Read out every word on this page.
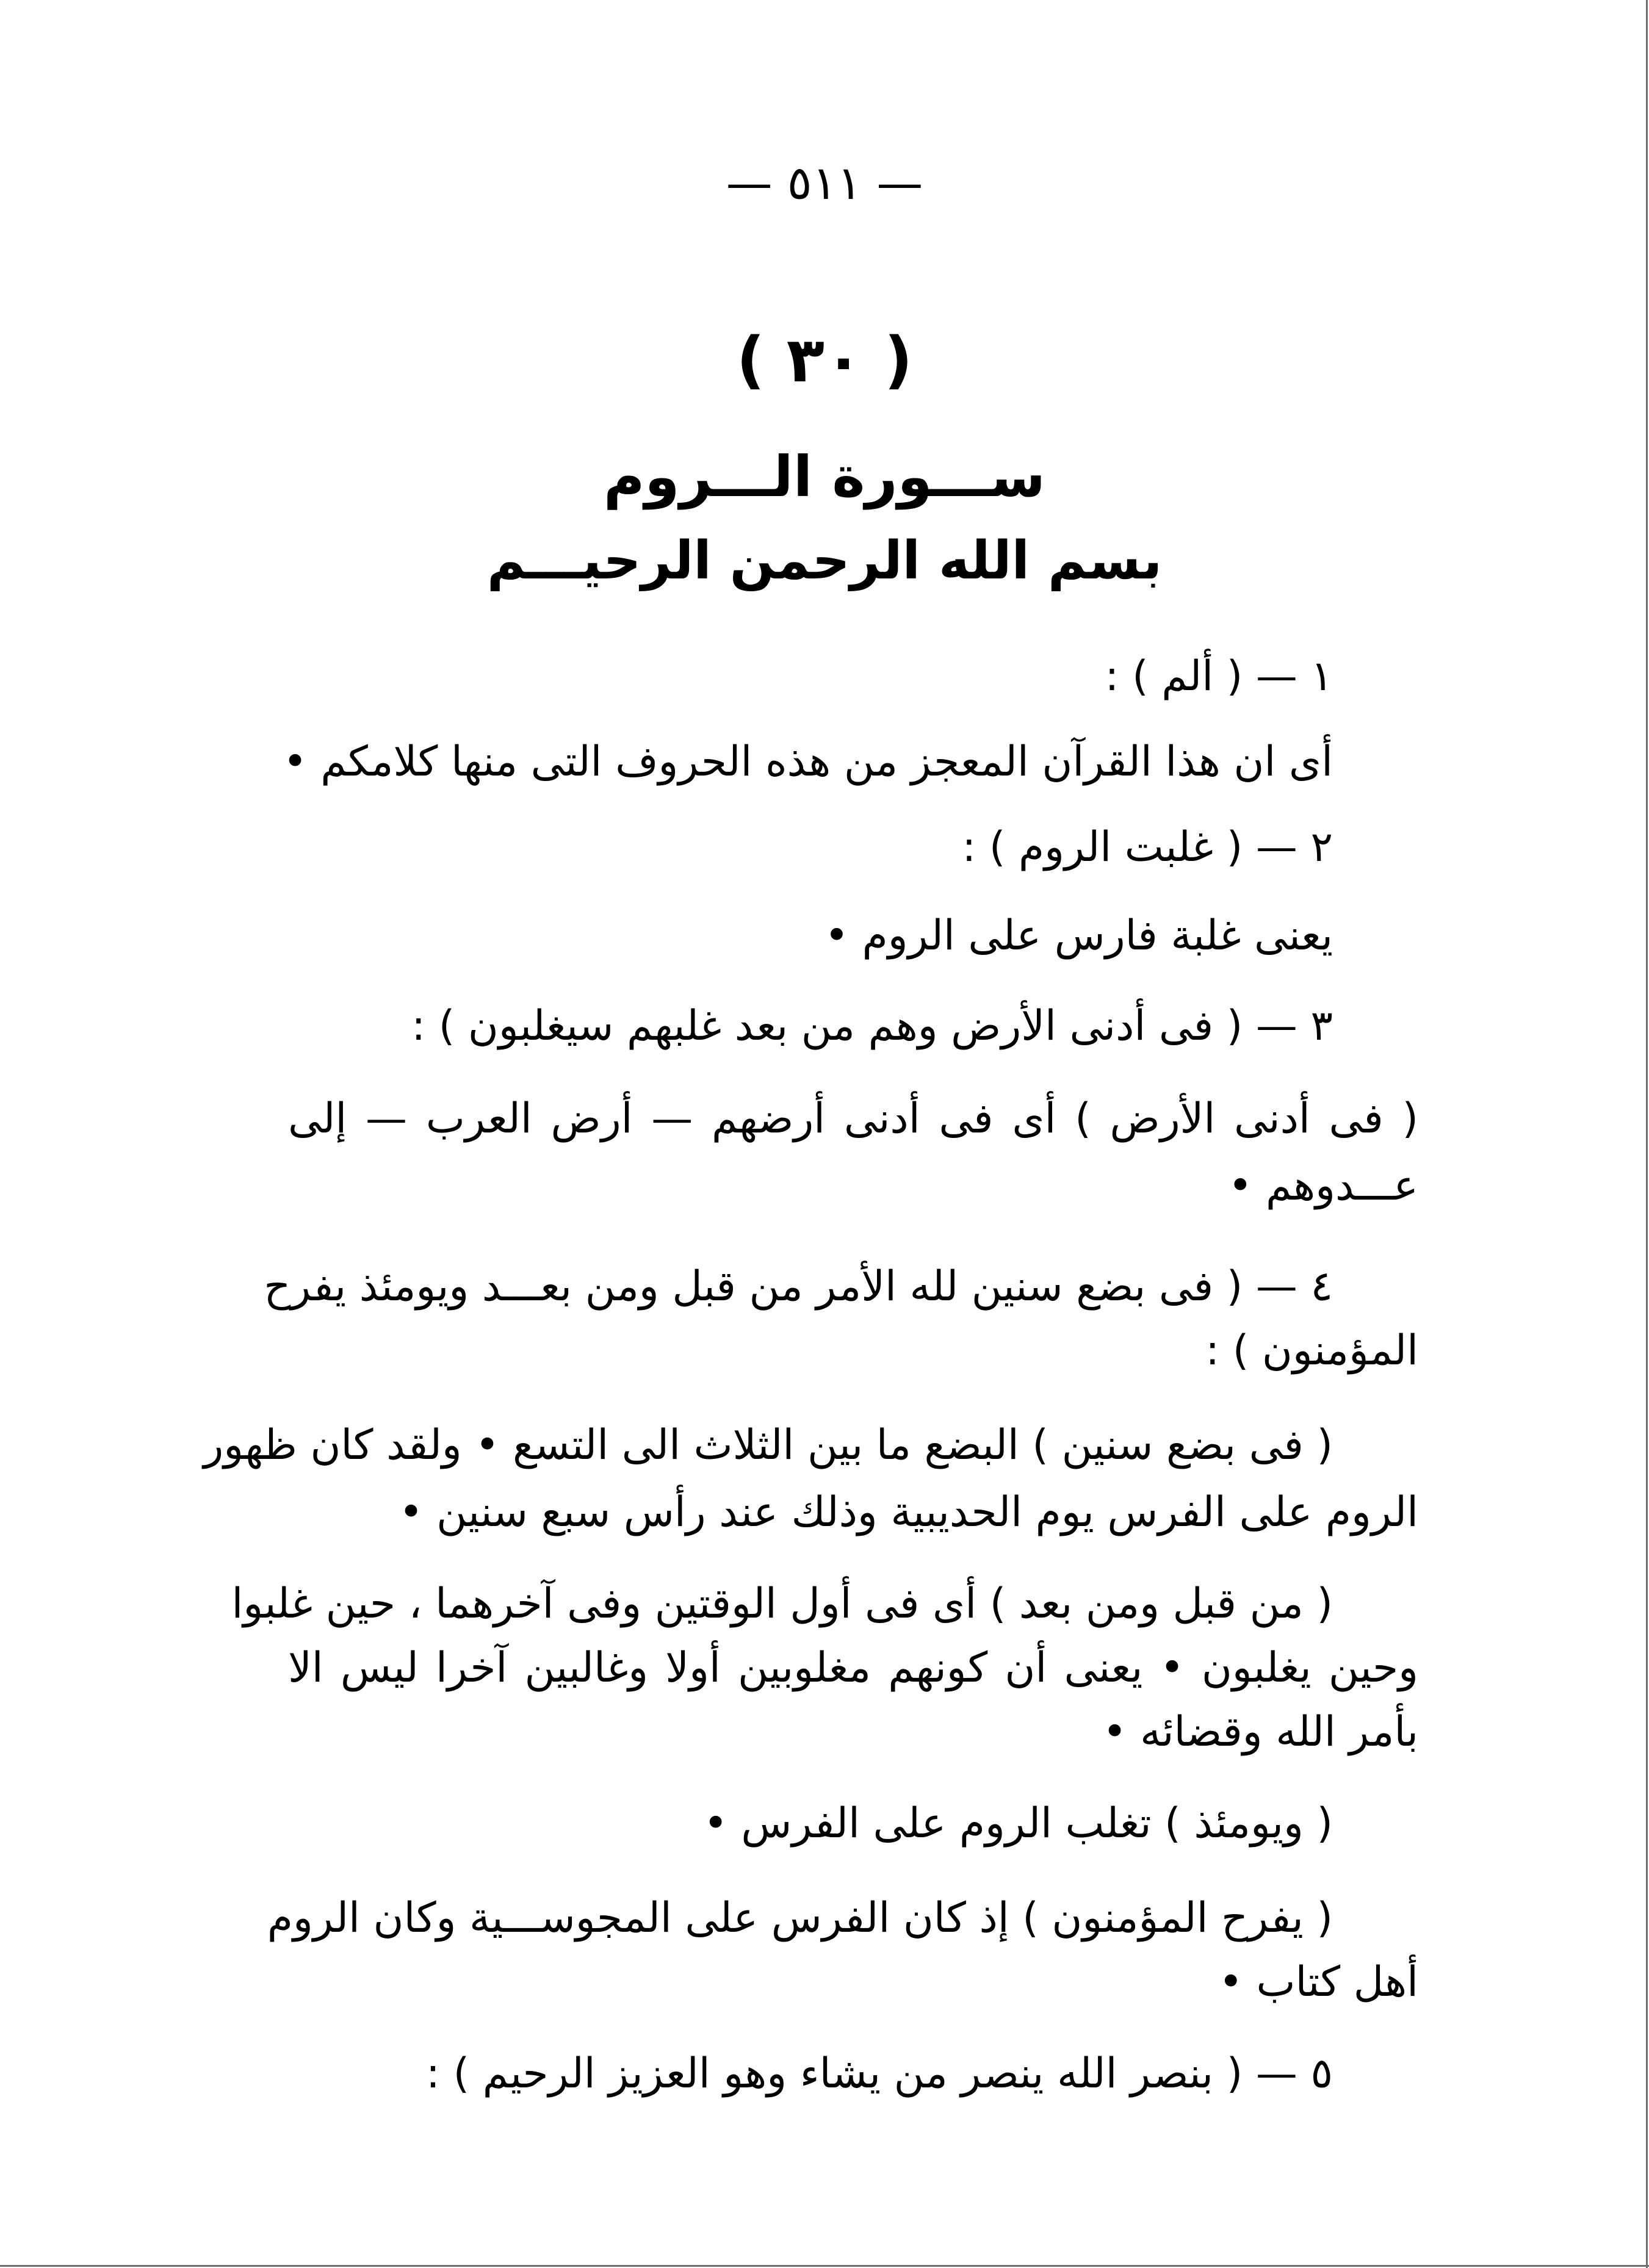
— ٥١١ —
( ٣٠ )
ســـورة الـــروم
بسم الله الرحمن الرحيـــم
١ — ( ألم ) :
أى ان هذا القرآن المعجز من هذه الحروف التى منها كلامكم •
٢ — ( غلبت الروم ) :
يعنى غلبة فارس على الروم •
٣ — ( فى أدنى الأرض وهم من بعد غلبهم سيغلبون ) :
( فى أدنى الأرض ) أى فى أدنى أرضهم — أرض العرب — إلى
عـــدوهم •
٤ — ( فى بضع سنين لله الأمر من قبل ومن بعـــد ويومئذ يفرح
المؤمنون ) :
( فى بضع سنين ) البضع ما بين الثلاث الى التسع • ولقد كان ظهور
الروم على الفرس يوم الحديبية وذلك عند رأس سبع سنين •
( من قبل ومن بعد ) أى فى أول الوقتين وفى آخرهما ، حين غلبوا
وحين يغلبون • يعنى أن كونهم مغلوبين أولا وغالبين آخرا ليس الا
بأمر الله وقضائه •
( ويومئذ ) تغلب الروم على الفرس •
( يفرح المؤمنون ) إذ كان الفرس على المجوســـية وكان الروم
أهل كتاب •
٥ — ( بنصر الله ينصر من يشاء وهو العزيز الرحيم ) :
